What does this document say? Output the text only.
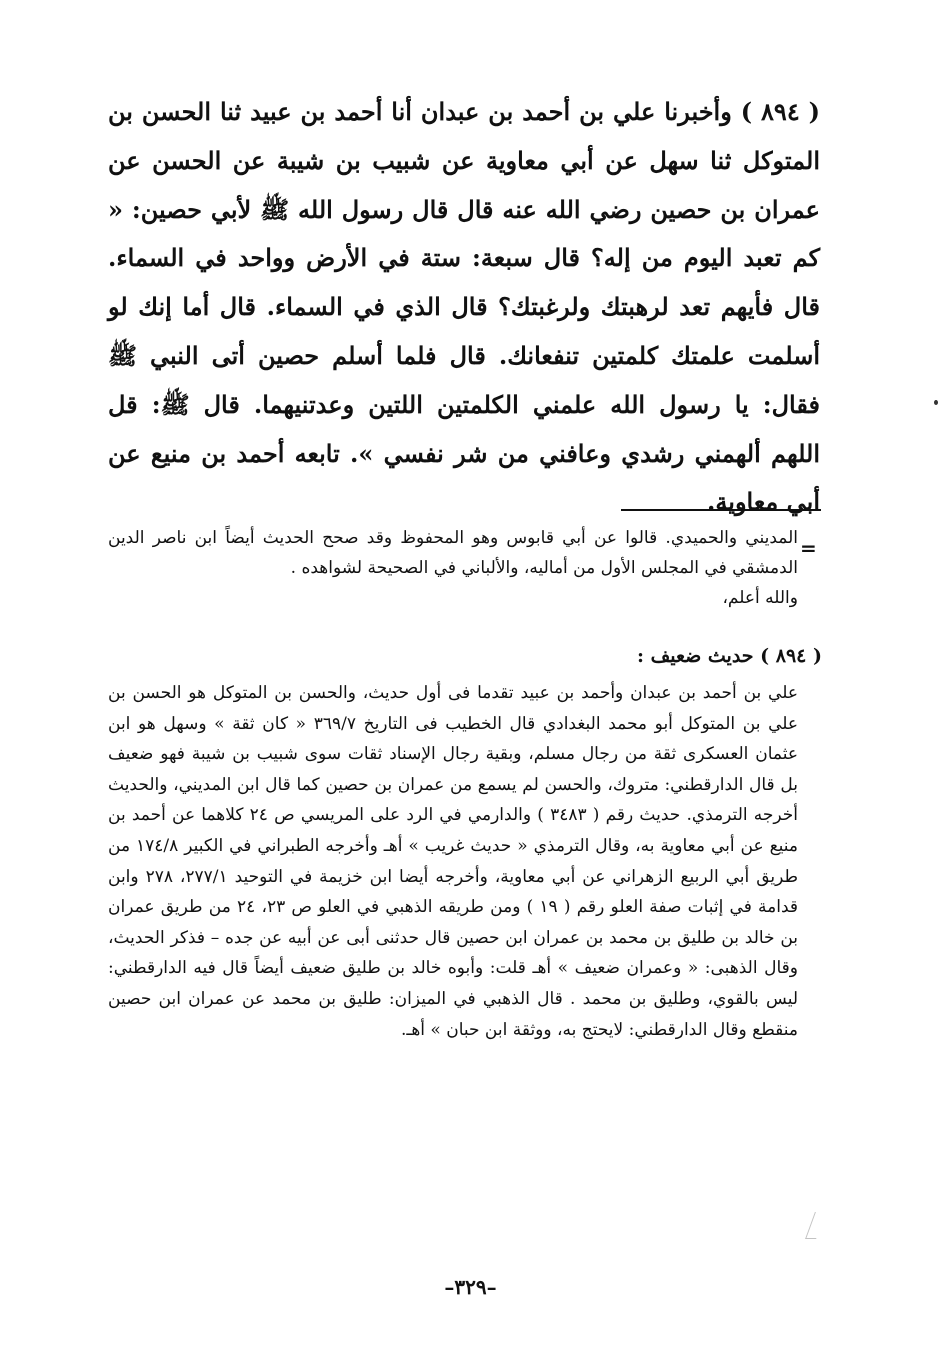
( ٨٩٤ ) وأخبرنا علي بن أحمد بن عبدان أنا أحمد بن عبيد ثنا الحسن بن المتوكل ثنا سهل عن أبي معاوية عن شبيب بن شيبة عن الحسن عن عمران بن حصين رضي الله عنه قال قال رسول الله ﷺ لأبي حصين: « كم تعبد اليوم من إله؟ قال سبعة: ستة في الأرض وواحد في السماء. قال فأيهم تعد لرهبتك ولرغبتك؟ قال الذي في السماء. قال أما إنك لو أسلمت علمتك كلمتين تنفعانك. قال فلما أسلم حصين أتى النبي ﷺ فقال: يا رسول الله علمني الكلمتين اللتين وعدتنيهما. قال ﷺ: قل اللهم ألهمني رشدي وعافني من شر نفسي ». تابعه أحمد بن منيع عن أبي معاوية.

=

المديني والحميدي. قالوا عن أبي قابوس وهو المحفوظ وقد صحح الحديث أيضاً ابن ناصر الدين الدمشقي في المجلس الأول من أماليه، والألباني في الصحيحة لشواهده .

والله أعلم،

( ٨٩٤ ) حديث ضعيف :

علي بن أحمد بن عبدان وأحمد بن عبيد تقدما فى أول حديث، والحسن بن المتوكل هو الحسن بن علي بن المتوكل أبو محمد البغدادي قال الخطيب فى التاريخ ٣٦٩/٧ « كان ثقة » وسهل هو ابن عثمان العسكرى ثقة من رجال مسلم، وبقية رجال الإسناد ثقات سوى شبيب بن شيبة فهو ضعيف بل قال الدارقطني: متروك، والحسن لم يسمع من عمران بن حصين كما قال ابن المديني، والحديث أخرجه الترمذي. حديث رقم ( ٣٤٨٣ ) والدارمي في الرد على المريسي ص ٢٤ كلاهما عن أحمد بن منيع عن أبي معاوية به، وقال الترمذي « حديث غريب » أهـ وأخرجه الطبراني في الكبير ١٧٤/٨ من طريق أبي الربيع الزهراني عن أبي معاوية، وأخرجه أيضا ابن خزيمة في التوحيد ٢٧٧/١، ٢٧٨ وابن قدامة في إثبات صفة العلو رقم ( ١٩ ) ومن طريقه الذهبي في العلو ص ٢٣، ٢٤ من طريق عمران بن خالد بن طليق بن محمد بن عمران ابن حصين قال حدثنى أبى عن أبيه عن جده – فذكر الحديث، وقال الذهبى: « وعمران ضعيف » أهـ قلت: وأبوه خالد بن طليق ضعيف أيضاً قال فيه الدارقطني: ليس بالقوي، وطليق بن محمد . قال الذهبي في الميزان: طليق بن محمد عن عمران ابن حصين منقطع وقال الدارقطني: لايحتج به، ووثقة ابن حبان » أهـ.

–٣٢٩–
